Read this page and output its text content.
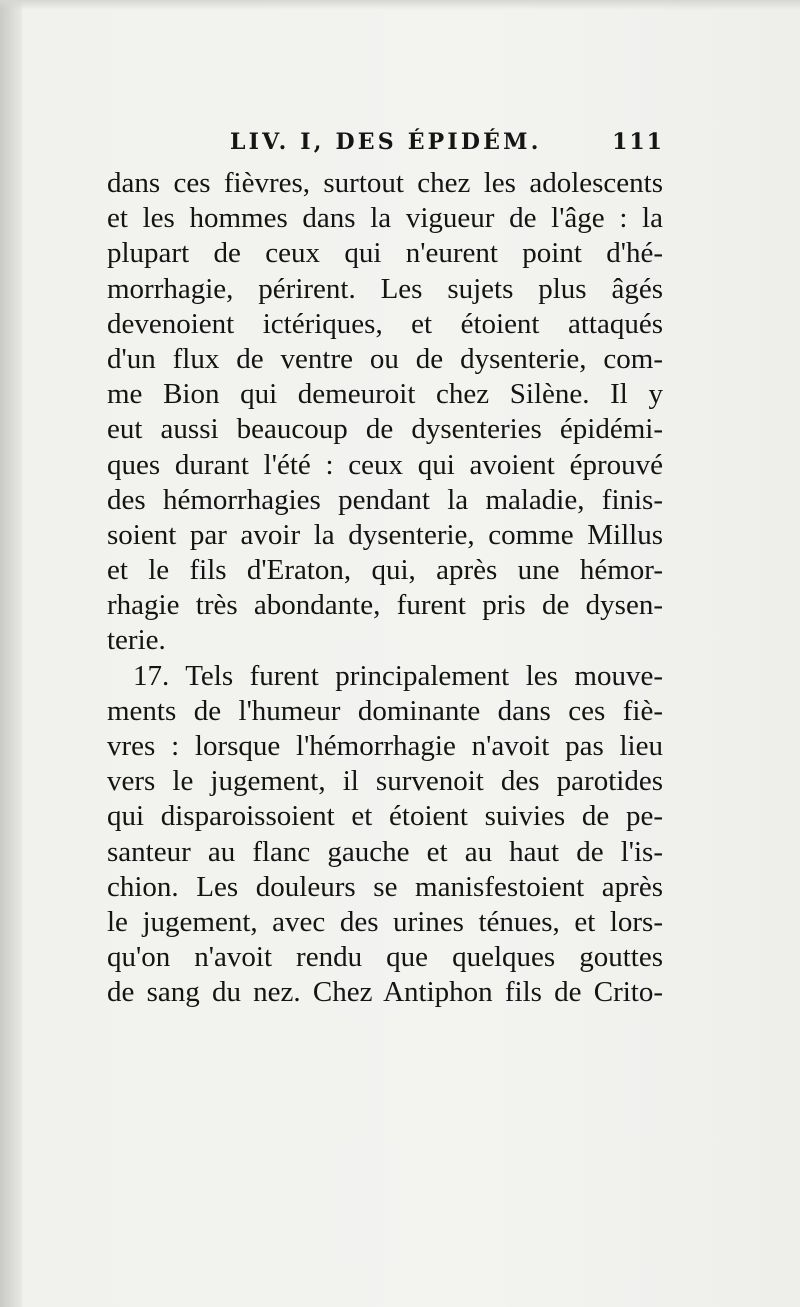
LIV. I, DES ÉPIDÉM.	111
dans ces fièvres, surtout chez les adolescents
et les hommes dans la vigueur de l'âge : la
plupart de ceux qui n'eurent point d'hé-
morrhagie, périrent. Les sujets plus âgés
devenoient ictériques, et étoient attaqués
d'un flux de ventre ou de dysenterie, com-
me Bion qui demeuroit chez Silène. Il y
eut aussi beaucoup de dysenteries épidémi-
ques durant l'été : ceux qui avoient éprouvé
des hémorrhagies pendant la maladie, finis-
soient par avoir la dysenterie, comme Millus
et le fils d'Eraton, qui, après une hémor-
rhagie très abondante, furent pris de dysen-
terie.
17. Tels furent principalement les mouve-
ments de l'humeur dominante dans ces fiè-
vres : lorsque l'hémorrhagie n'avoit pas lieu
vers le jugement, il survenoit des parotides
qui disparoissoient et étoient suivies de pe-
santeur au flanc gauche et au haut de l'is-
chion. Les douleurs se manisfestoient après
le jugement, avec des urines ténues, et lors-
qu'on n'avoit rendu que quelques gouttes
de sang du nez. Chez Antiphon fils de Crito-
